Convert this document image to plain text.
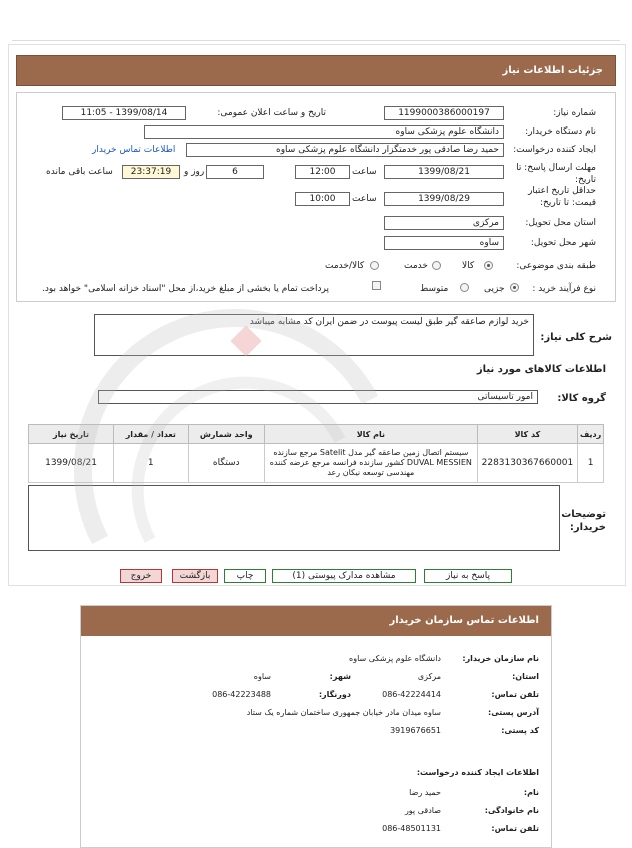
جزئیات اطلاعات نیاز
شماره نیاز:
1199000386000197
تاریخ و ساعت اعلان عمومی:
1399/08/14 - 11:05
نام دستگاه خریدار:
دانشگاه علوم پزشکی ساوه
ایجاد کننده درخواست:
حمید رضا صادقی پور خدمتگزار دانشگاه علوم پزشکی ساوه
اطلاعات تماس خریدار
مهلت ارسال پاسخ: تا تاریخ:
1399/08/21
ساعت
12:00
6
روز و
23:37:19
ساعت باقی مانده
حداقل تاریخ اعتبار قیمت: تا تاریخ:
1399/08/29
ساعت
10:00
استان محل تحویل:
مرکزی
شهر محل تحویل:
ساوه
طبقه بندی موضوعی:
کالا
خدمت
کالا/خدمت
نوع فرآیند خرید :
جزیی
متوسط
پرداخت تمام یا بخشی از مبلغ خرید،از محل "اسناد خزانه اسلامی" خواهد بود.
شرح کلی نیاز:
خرید لوازم صاعقه گیر طبق لیست پیوست در ضمن ایران کد مشابه میباشد
اطلاعات کالاهای مورد نیاز
گروه کالا:
امور تاسیساتی
ردیف	کد کالا	نام کالا	واحد شمارش	تعداد / مقدار	تاریخ نیاز
1	2283130367660001	سیستم اتصال زمین صاعقه گیر مدل Satelit مرجع سازنده DUVAL MESSIEN کشور سازنده فرانسه مرجع عرضه کننده مهندسی توسعه نیکان رعد	دستگاه	1	1399/08/21
توضیحات خریدار:
پاسخ به نیاز
مشاهده مدارک پیوستی (1)
چاپ
بازگشت
خروج
اطلاعات تماس سازمان خریدار
نام سازمان خریدار:
دانشگاه علوم پزشکی ساوه
استان:
مرکزی
شهر:
ساوه
تلفن تماس:
086-42224414
دورنگار:
086-42223488
آدرس پستی:
ساوه میدان مادر خیابان جمهوری ساختمان شماره یک ستاد
کد پستی:
3919676651
اطلاعات ایجاد کننده درخواست:
نام:
حمید رضا
نام خانوادگی:
صادقی پور
تلفن تماس:
086-48501131
